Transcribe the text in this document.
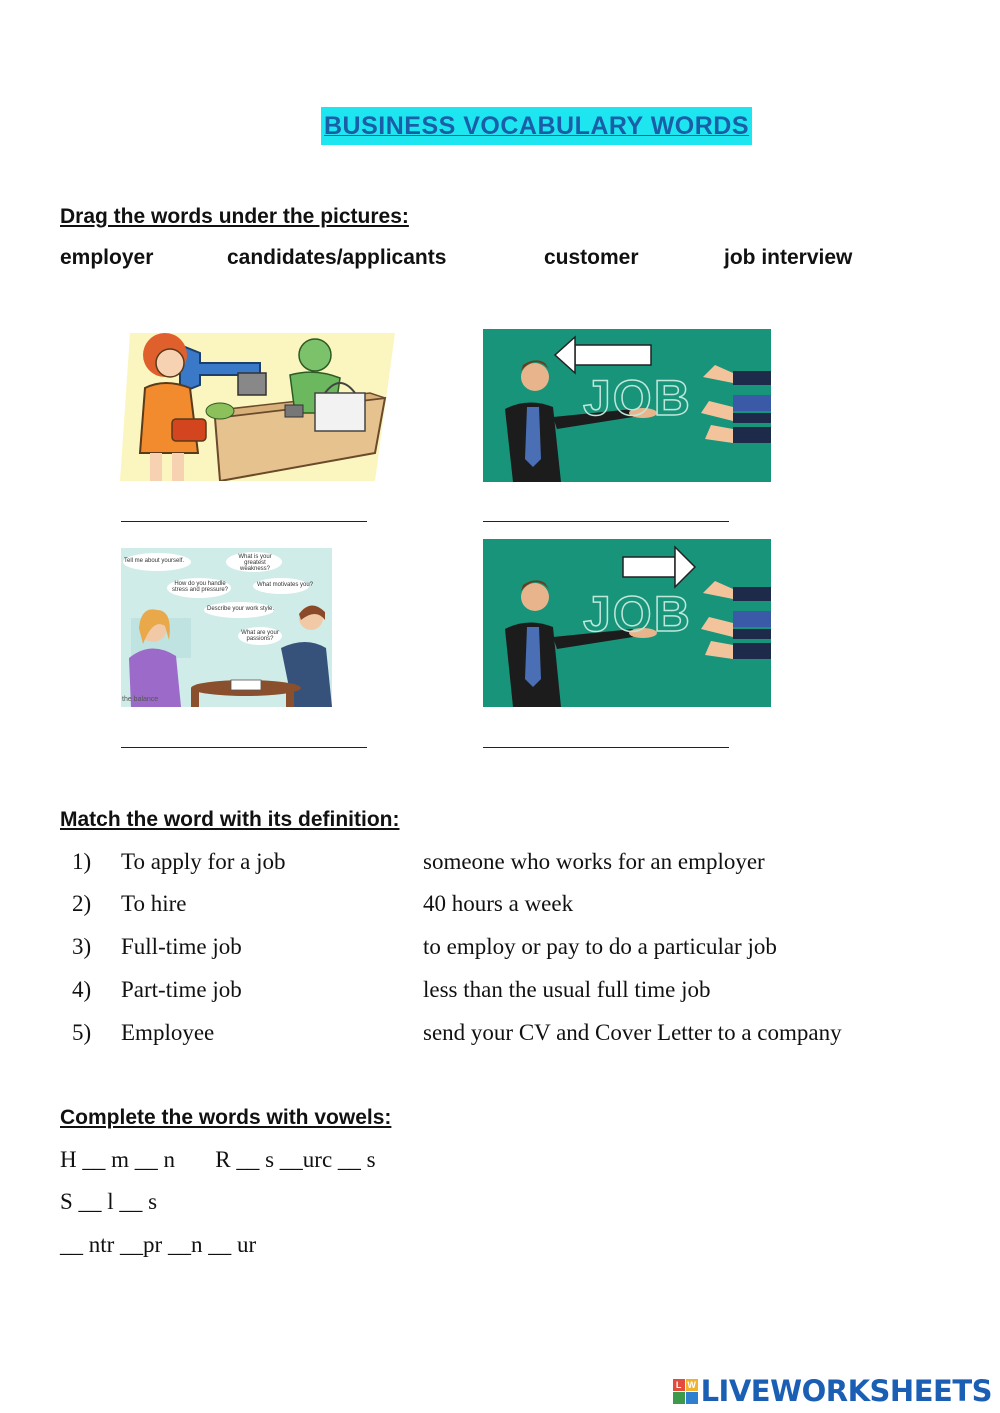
BUSINESS VOCABULARY WORDS
Drag the words under the pictures:
employer	candidates/applicants	customer	job interview
JOB
Tell me about yourself.
What is your greatest weakness?
How do you handle stress and pressure?
What motivates you?
Describe your work style.
What are your passions?
the balance
JOB
Match the word with its definition:
1) To apply for a job	someone who works for an employer
2) To hire	40 hours a week
3) Full-time job	to employ or pay to do a particular job
4) Part-time job	less than the usual full time job
5) Employee	send your CV and Cover Letter to a company
Complete the words with vowels:
H __ m __ n       R __ s __urc __ s
S __ l __ s
__ ntr __pr __n __ ur
L W LIVEWORKSHEETS
